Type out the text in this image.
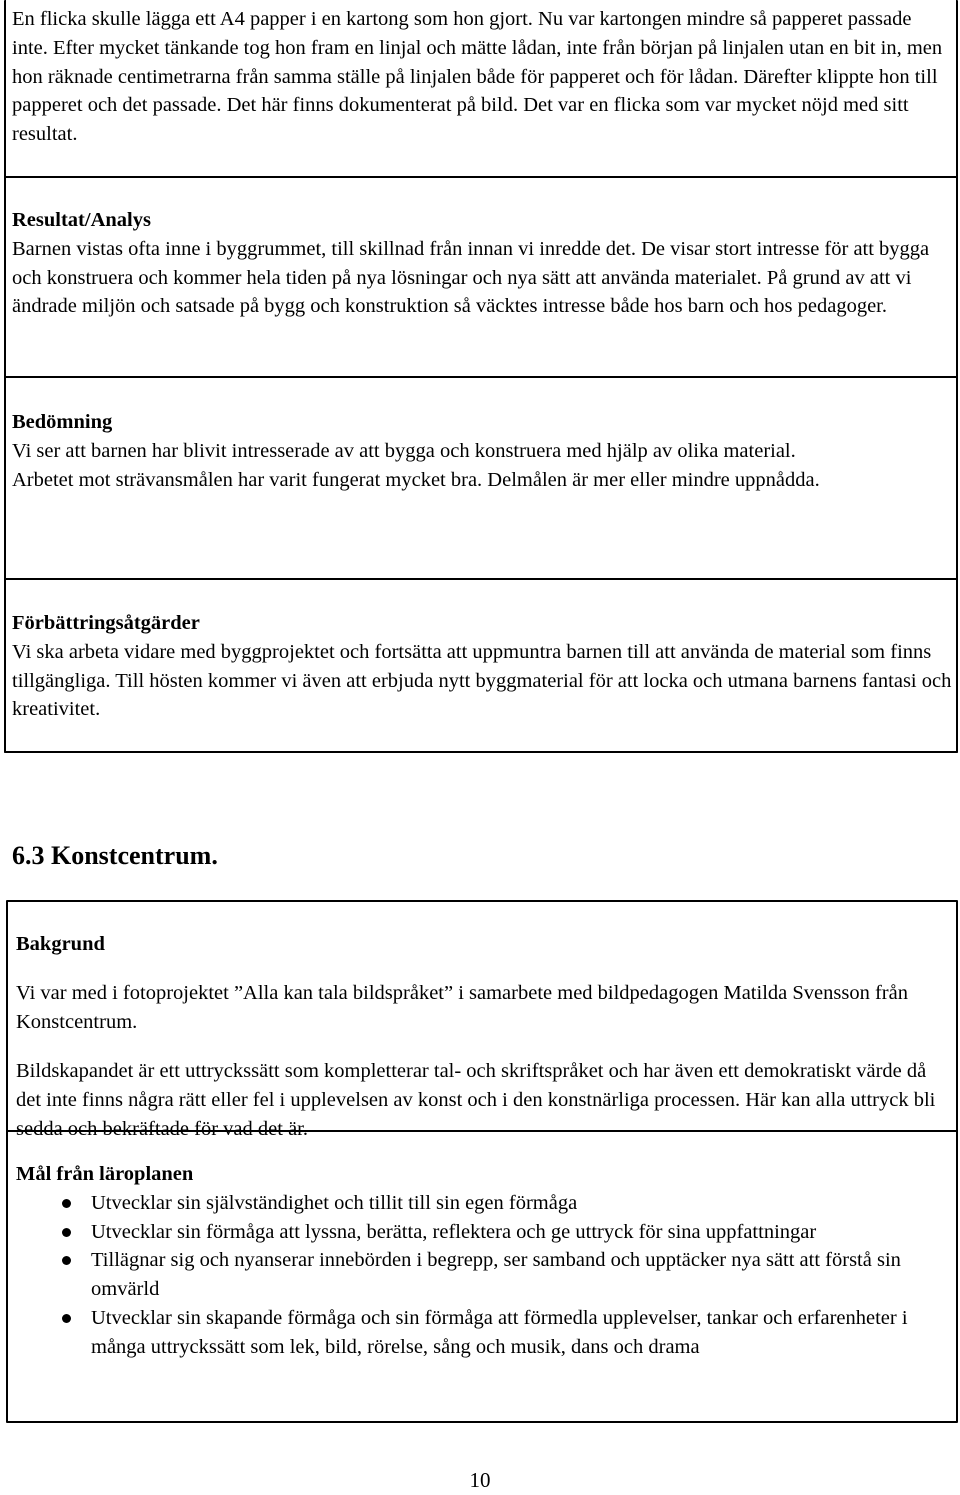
En flicka skulle lägga ett A4 papper i en kartong som hon gjort. Nu var kartongen mindre så papperet passade inte. Efter mycket tänkande tog hon fram en linjal och mätte lådan, inte från början på linjalen utan en bit in, men hon räknade centimetrarna från samma ställe på linjalen både för papperet och för lådan. Därefter klippte hon till papperet och det passade. Det här finns dokumenterat på bild. Det var en flicka som var mycket nöjd med sitt resultat.

Resultat/Analys

Barnen vistas ofta inne i byggrummet, till skillnad från innan vi inredde det. De visar stort intresse för att bygga och konstruera och kommer hela tiden på nya lösningar och nya sätt att använda materialet. På grund av att vi ändrade miljön och satsade på bygg och konstruktion så väcktes intresse både hos barn och hos pedagoger.

Bedömning

Vi ser att barnen har blivit intresserade av att bygga och konstruera med hjälp av olika material.

Arbetet mot strävansmålen har varit fungerat mycket bra. Delmålen är mer eller mindre uppnådda.

Förbättringsåtgärder

Vi ska arbeta vidare med byggprojektet och fortsätta att uppmuntra barnen till att använda de material som finns tillgängliga. Till hösten kommer vi även att erbjuda nytt byggmaterial för att locka och utmana barnens fantasi och kreativitet.

6.3 Konstcentrum.
Bakgrund

Vi var med i fotoprojektet ”Alla kan tala bildspråket” i samarbete med bildpedagogen Matilda Svensson från Konstcentrum.

Bildskapandet är ett uttryckssätt som kompletterar tal- och skriftspråket och har även ett demokratiskt värde då det inte finns några rätt eller fel i upplevelsen av konst och i den konstnärliga processen. Här kan alla uttryck bli sedda och bekräftade för vad det är.

Mål från läroplanen
Utvecklar sin självständighet och tillit till sin egen förmåga
Utvecklar sin förmåga att lyssna, berätta, reflektera och ge uttryck för sina uppfattningar
Tillägnar sig och nyanserar innebörden i begrepp, ser samband och upptäcker nya sätt att förstå sin omvärld
Utvecklar sin skapande förmåga och sin förmåga att förmedla upplevelser, tankar och erfarenheter i många uttryckssätt som lek, bild, rörelse, sång och musik, dans och drama
10
